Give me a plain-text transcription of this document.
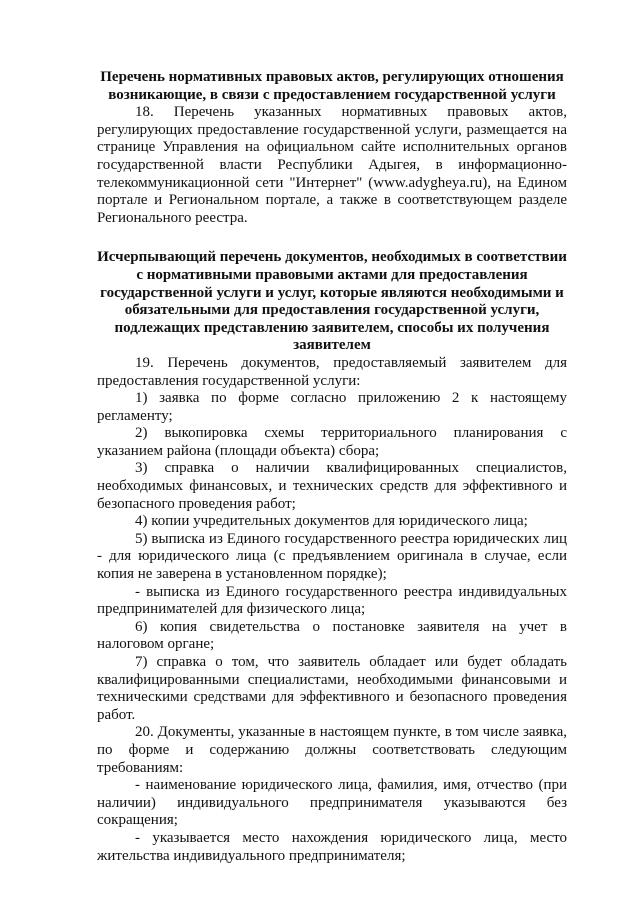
Перечень нормативных правовых актов, регулирующих отношения возникающие, в связи с предоставлением государственной услуги

18. Перечень указанных нормативных правовых актов, регулирующих предоставление государственной услуги, размещается на странице Управления на официальном сайте исполнительных органов государственной власти Республики Адыгея, в информационно-телекоммуникационной сети "Интернет" (www.adygheya.ru), на Едином портале и Региональном портале, а также в соответствующем разделе Регионального реестра.

Исчерпывающий перечень документов, необходимых в соответствии с нормативными правовыми актами для предоставления государственной услуги и услуг, которые являются необходимыми и обязательными для предоставления государственной услуги, подлежащих представлению заявителем, способы их получения заявителем

19. Перечень документов, предоставляемый заявителем для предоставления государственной услуги:

1) заявка по форме согласно приложению 2 к настоящему регламенту;

2) выкопировка схемы территориального планирования с указанием района (площади объекта) сбора;

3) справка о наличии квалифицированных специалистов, необходимых финансовых, и технических средств для эффективного и безопасного проведения работ;

4) копии учредительных документов для юридического лица;

5) выписка из Единого государственного реестра юридических лиц - для юридического лица (с предъявлением оригинала в случае, если копия не заверена в установленном порядке);

- выписка из Единого государственного реестра индивидуальных предпринимателей для физического лица;

6) копия свидетельства о постановке заявителя на учет в налоговом органе;

7) справка о том, что заявитель обладает или будет обладать квалифицированными специалистами, необходимыми финансовыми и техническими средствами для эффективного и безопасного проведения работ.

20. Документы, указанные в настоящем пункте, в том числе заявка, по форме и содержанию должны соответствовать следующим требованиям:

- наименование юридического лица, фамилия, имя, отчество (при наличии) индивидуального предпринимателя указываются без сокращения;

- указывается место нахождения юридического лица, место жительства индивидуального предпринимателя;
